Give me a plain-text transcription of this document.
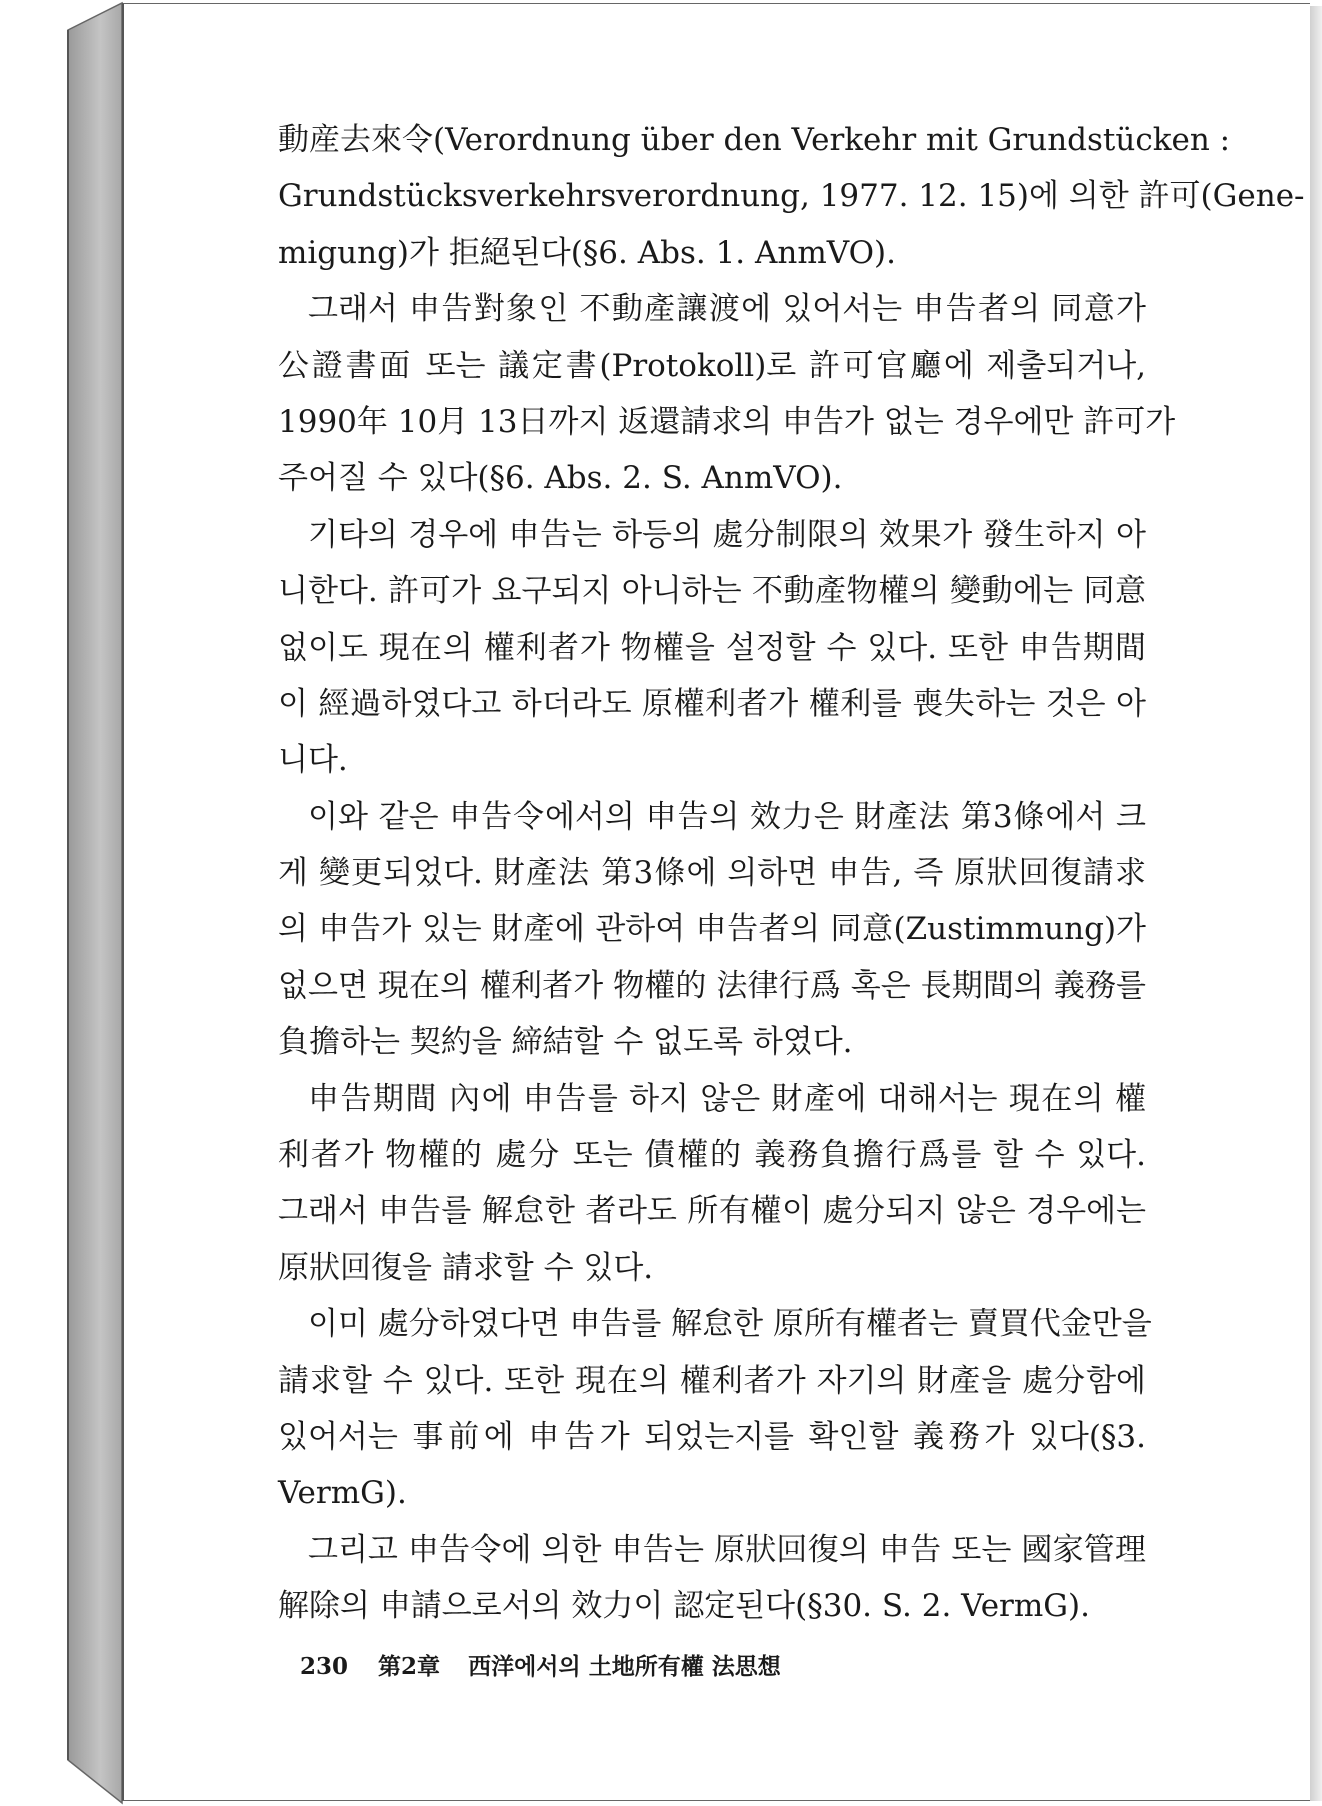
動産去來令(Verordnung über den Verkehr mit Grundstücken :
Grundstücksverkehrsverordnung, 1977. 12. 15)에 의한 許可(Gene-
migung)가 拒絕된다(§6. Abs. 1. AnmVO).
그래서 申告對象인 不動產讓渡에 있어서는 申告者의 同意가
公證書面 또는 議定書(Protokoll)로 許可官廳에 제출되거나,
1990年 10月 13日까지 返還請求의 申告가 없는 경우에만 許可가
주어질 수 있다(§6. Abs. 2. S. AnmVO).
기타의 경우에 申告는 하등의 處分制限의 效果가 發生하지 아
니한다. 許可가 요구되지 아니하는 不動產物權의 變動에는 同意
없이도 現在의 權利者가 物權을 설정할 수 있다. 또한 申告期間
이 經過하였다고 하더라도 原權利者가 權利를 喪失하는 것은 아
니다.
이와 같은 申告令에서의 申告의 效力은 財產法 第3條에서 크
게 變更되었다. 財產法 第3條에 의하면 申告, 즉 原狀回復請求
의 申告가 있는 財產에 관하여 申告者의 同意(Zustimmung)가
없으면 現在의 權利者가 物權的 法律行爲 혹은 長期間의 義務를
負擔하는 契約을 締結할 수 없도록 하였다.
申告期間 內에 申告를 하지 않은 財產에 대해서는 現在의 權
利者가 物權的 處分 또는 債權的 義務負擔行爲를 할 수 있다.
그래서 申告를 解怠한 者라도 所有權이 處分되지 않은 경우에는
原狀回復을 請求할 수 있다.
이미 處分하였다면 申告를 解怠한 原所有權者는 賣買代金만을
請求할 수 있다. 또한 現在의 權利者가 자기의 財產을 處分함에
있어서는 事前에 申告가 되었는지를 확인할 義務가 있다(§3.
VermG).
그리고 申告令에 의한 申告는 原狀回復의 申告 또는 國家管理
解除의 申請으로서의 效力이 認定된다(§30. S. 2. VermG).
230 第2章 西洋에서의 土地所有權 法思想
